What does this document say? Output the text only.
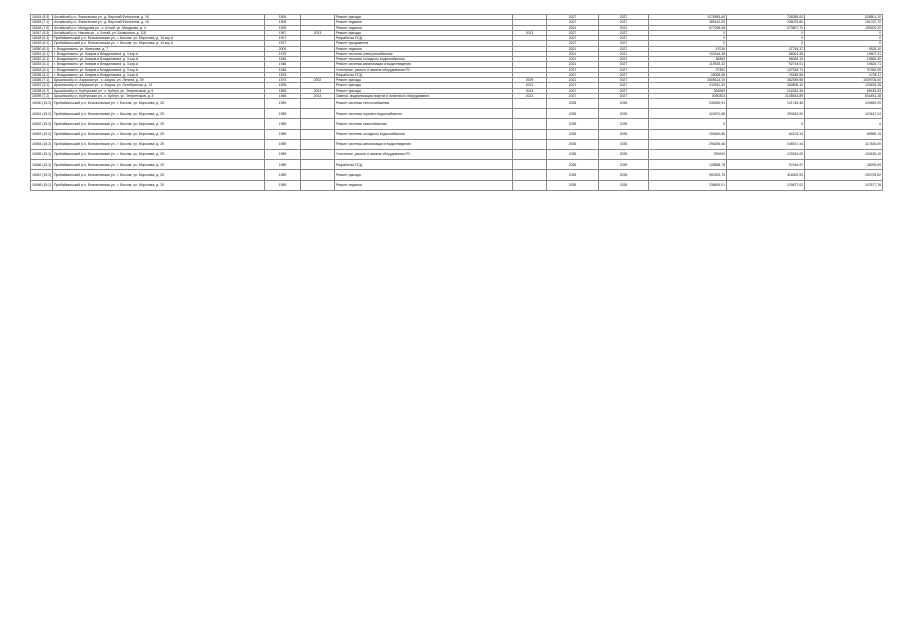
16044 (6.5)	Алтайский р-н, Финогенова ул., д. Верхний Финогенов, д. 16	1905		Ремонт фасада		2027	2027	1176953,60	708359,00	328801,10
16045 (7.1)	Алтайский р-н, Финогенова ул., д. Верхний Финогенов, д. 18	1908		Ремонт подвала		2027	2027	389142,00	238075,80	151222,70
16046 (7.5)	Алтайский р-н, Мандрова ул., с. Алтай, ул. Мандрова, д. 4	1905		Ремонт подвала		2021	2021	577008,48	373807,70	199200,20
16047 (6.3)	Алтайский р-н, Никова ул., с. Алтай, ул. Балаклина, д. 11Б	1967	2013	Ремонт фасада	2013	2027	2027	0	0	0
16048 (6.3)	Прибайкальский р-н, Беспаловская ул., г. Бисопа, ул. Морозова, д. 10 кор.А	1927		Разработка ПСД		2027	2027	0	0	0
16049 (6.1)	Прибайкальский р-н, Беспаловская ул., г. Бисопа, ул. Морозова, д. 10 кор.А	1927		Ремонт фундамента		2027	2027	0	0	0
16050 (6.1)	г. Владиликино, ул. Мингрова, д. 7	2009		Ремонт подвала		2021	2027	47016	47745,37	9525,10
16051 (6.1)	г. Владиликино, ул. Ковров и Владиликина, д. 3 кор.А	1975		Ремонт системы электроснабжения		2021	2021	103164,38	66001,45	19607,31
16052 (6.1)	г. Владиликино, ул. Ковров и Владиликина, д. 3 кор.А	1948		Ремонт системы холодного водоснабжения		2021	2021	88380	56065,15	19865,30
16053 (6.1)	г. Владиликино, ул. Ковров и Владиликина, д. 3 кор.А	1948		Ремонт системы канализации и водоотведения		2021	2027	115925,42	92719,01	19626,71
16054 (6.1)	г. Владиликино, ул. Ковров и Владиликина, д. 3 кор.А	1948		Утепление, ремонт и замена оборудования ПУ		2027	2027	97300	137928,73	37952,59
16055 (6.1)	г. Владиликино, ул. Ковров и Владиликина, д. 3 кор.А	1925		Разработка ПСД		2027	2027	28068,58	29185,98	4795,11
16056 (7.1)	Аршанский р-н, Азурская ул., с. Азурск, ул. Ленина, д. 39	1973	2002	Ремонт фасада	2009	2021	2027	2808114,10	382395,58	1039705,50
16057 (3.1)	Аршанский р-н, Азурская ул., с. Азурск, ул. Октябрьская, д. 13	1905		Ремонт фасада	2021	2027	2027	410911,00	264806,10	125493,28
16058 (6.7)	Аршанский р-н, Куйтунская ул., с. Куйтун, ул. Энергетиков, д. 6	1965	2013	Ремонт фасада	2013	2027	2027	364080	216334,46	89445,53
16059 (7.2)	Аршанский р-н, Куйтунская ул., с. Куйтун, ул. Энергетиков, д. 8	1965	2013	Замена, модернизация лифтов и лифтового оборудования	2012	2027	2027	3090303	2135644,89	834451,18
16060 (15.2)	Прибайкальский р-н, Беспаловская ул., г. Бисопа, ул. Морозова, д. 25	1989		Ремонт системы теплоснабжения		2035	2035	239260,91	121746,38	104652,09
16061 (15.2)	Прибайкальский р-н, Беспаловская ул., г. Бисопа, ул. Морозова, д. 25	1989		Ремонт системы горячего водоснабжения		2035	2035	424971,68	290623,90	110447,24
16062 (15.2)	Прибайкальский р-н, Беспаловская ул., г. Бисопа, ул. Морозова, д. 25	1989		Ремонт системы газоснабжения		2035	2035	0	0	0
16063 (15.2)	Прибайкальский р-н, Беспаловская ул., г. Бисопа, ул. Морозова, д. 25	1989		Ремонт системы холодного водоснабжения		2035	2035	150640,86	82103,34	69585,15
16064 (15.2)	Прибайкальский р-н, Беспаловская ул., г. Бисопа, ул. Морозова, д. 25	1989		Ремонт системы канализации и водоотведения		2035	2035	296256,46	145917,44	117630,00
16065 (15.2)	Прибайкальский р-н, Беспаловская ул., г. Бисопа, ул. Морозова, д. 25	1989		Утепление, ремонт и замена оборудования ПУ		2035	2035	290000	120244,00	104155,10
16066 (15.2)	Прибайкальский р-н, Беспаловская ул., г. Бисопа, ул. Морозова, д. 25	1989		Разработка ПСД		2035	2035	125858,78	57044,97	48295,09
16067 (15.2)	Прибайкальский р-н, Беспаловская ул., г. Бисопа, ул. Морозова, д. 25	1989		Ремонт фасада		2035	2035	992393,75	416302,93	292793,52
16068 (15.2)	Прибайкальский р-н, Беспаловская ул., г. Бисопа, ул. Морозова, д. 25	1989		Ремонт подвала		2035	2035	238693,01	129877,02	107877,76
